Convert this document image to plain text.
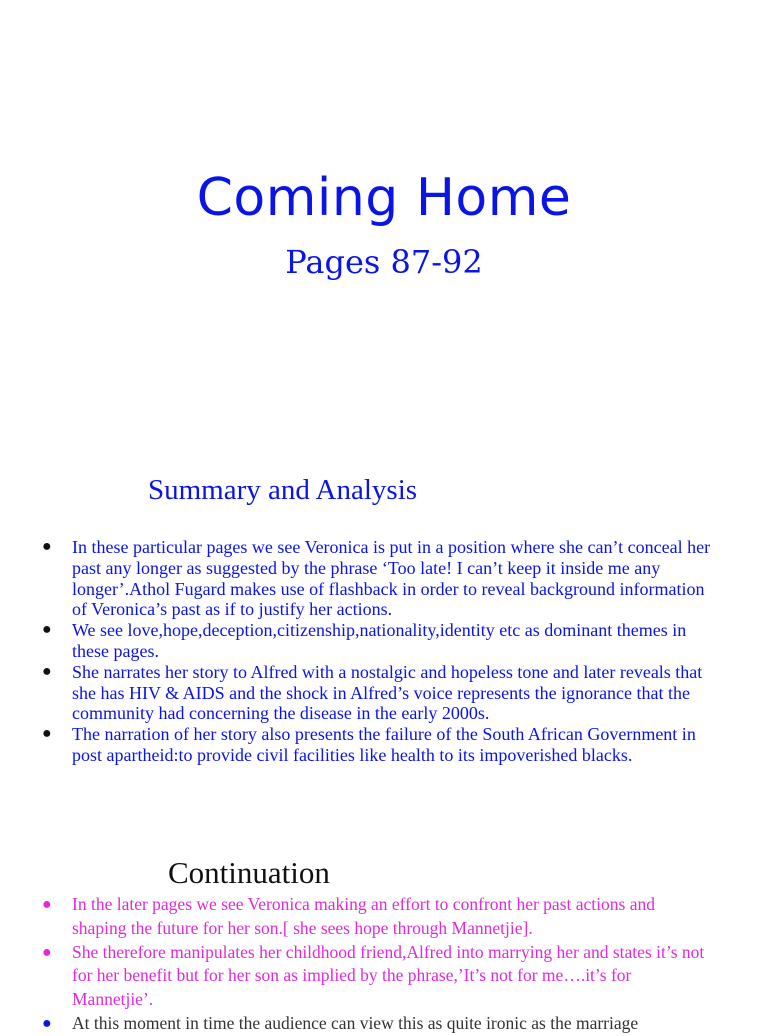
Coming Home
Pages 87-92
Summary and Analysis
● In these particular pages we see Veronica is put in a position where she can’t conceal her past any longer as suggested by the phrase ‘Too late! I can’t keep it inside me any longer’.Athol Fugard makes use of flashback in order to reveal background information of Veronica’s past as if to justify her actions.
● We see love,hope,deception,citizenship,nationality,identity etc as dominant themes in these pages.
● She narrates her story to Alfred with a nostalgic and hopeless tone and later reveals that she has HIV & AIDS and the shock in Alfred’s voice represents the ignorance that the community had concerning the disease in the early 2000s.
● The narration of her story also presents the failure of the South African Government in post apartheid:to provide civil facilities like health to its impoverished blacks.
Continuation
● In the later pages we see Veronica making an effort to confront her past actions and shaping the future for her son.[ she sees hope through Mannetjie].
● She therefore manipulates her childhood friend,Alfred into marrying her and states it’s not for her benefit but for her son as implied by the phrase,’It’s not for me….it’s for Mannetjie’.
● At this moment in time the audience can view this as quite ironic as the marriage
